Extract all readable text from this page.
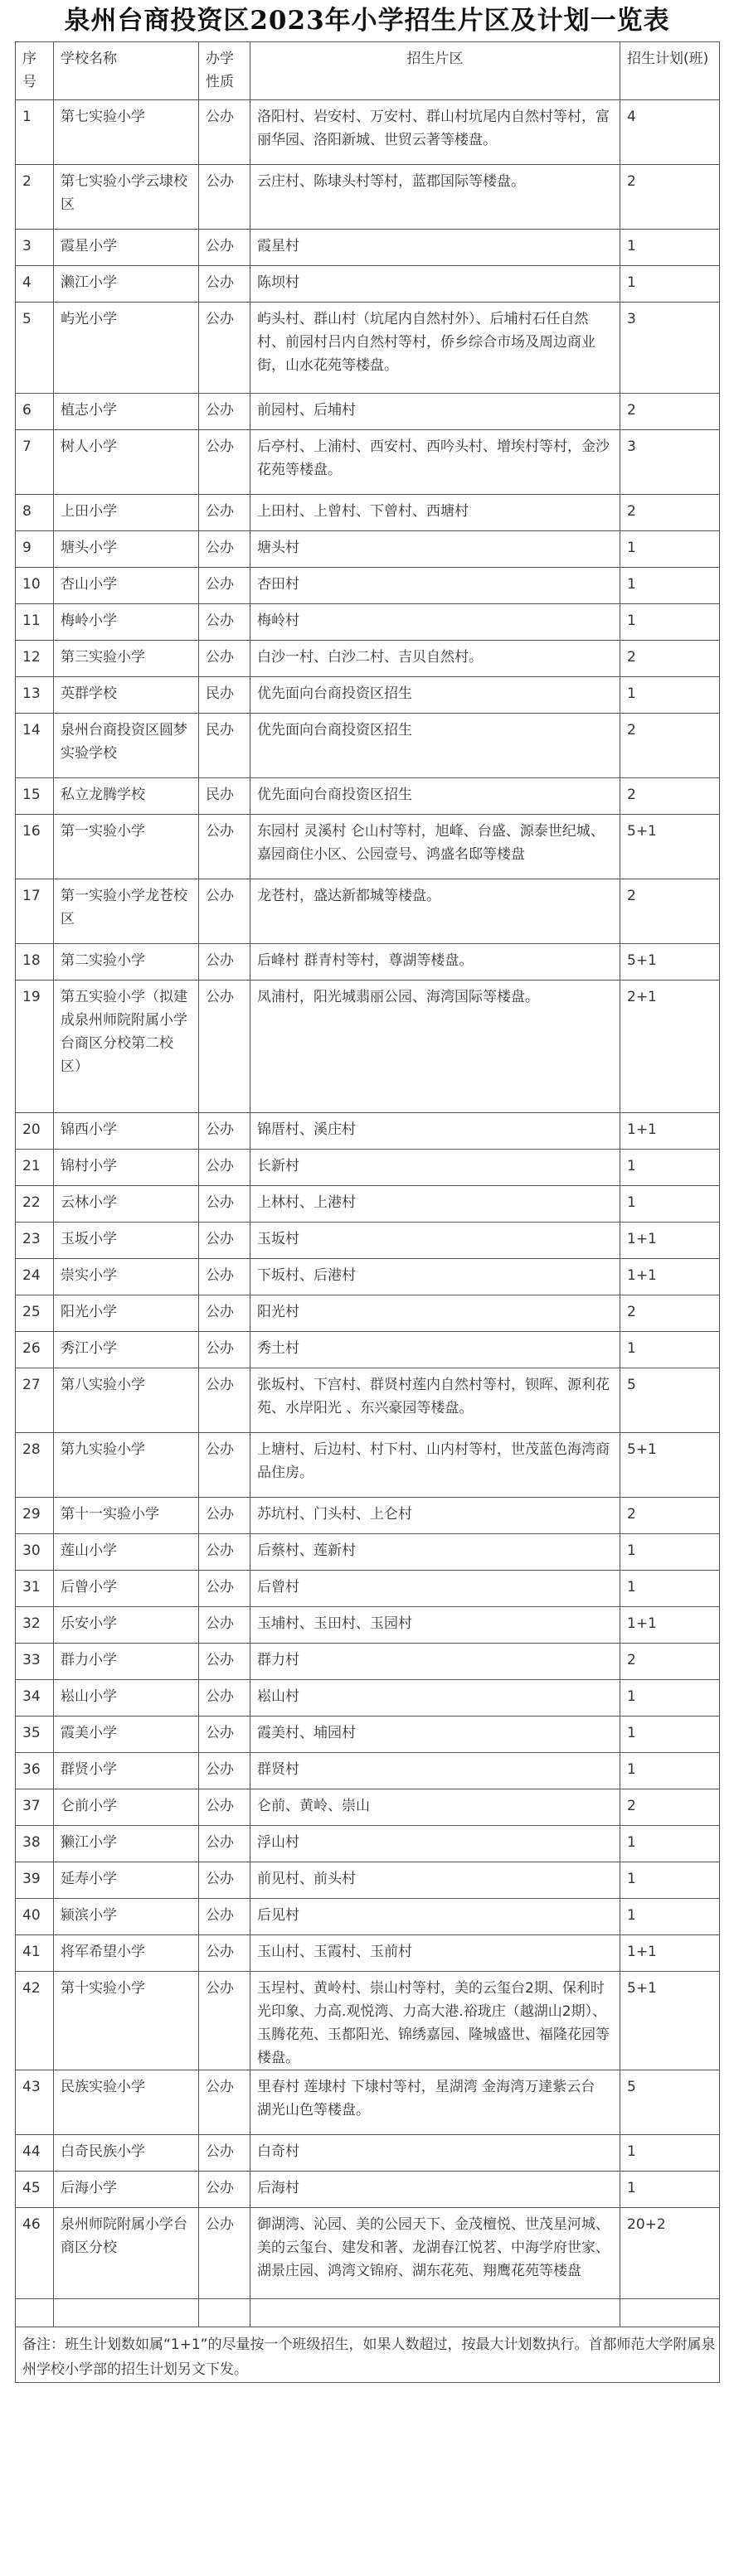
泉州台商投资区2023年小学招生片区及计划一览表
序号	学校名称	办学性质	招生片区	招生计划(班)
1	第七实验小学	公办	洛阳村、岩安村、万安村、群山村坑尾内自然村等村，富丽华园、洛阳新城、世贸云著等楼盘。	4
2	第七实验小学云埭校区	公办	云庄村、陈埭头村等村，蓝郡国际等楼盘。	2
3	霞星小学	公办	霞星村	1
4	濑江小学	公办	陈坝村	1
5	屿光小学	公办	屿头村、群山村（坑尾内自然村外）、后埔村石任自然村、前园村吕内自然村等村，侨乡综合市场及周边商业街，山水花苑等楼盘。	3
6	植志小学	公办	前园村、后埔村	2
7	树人小学	公办	后亭村、上浦村、西安村、西吟头村、增埃村等村，金沙花苑等楼盘。	3
8	上田小学	公办	上田村、上曾村、下曾村、西塘村	2
9	塘头小学	公办	塘头村	1
10	杏山小学	公办	杏田村	1
11	梅岭小学	公办	梅岭村	1
12	第三实验小学	公办	白沙一村、白沙二村、吉贝自然村。	2
13	英群学校	民办	优先面向台商投资区招生	1
14	泉州台商投资区圆梦实验学校	民办	优先面向台商投资区招生	2
15	私立龙腾学校	民办	优先面向台商投资区招生	2
16	第一实验小学	公办	东园村 灵溪村 仑山村等村，旭峰、台盛、源泰世纪城、嘉园商住小区、公园壹号、鸿盛名邸等楼盘	5+1
17	第一实验小学龙苍校区	公办	龙苍村，盛达新都城等楼盘。	2
18	第二实验小学	公办	后峰村 群青村等村，尊湖等楼盘。	5+1
19	第五实验小学（拟建成泉州师院附属小学台商区分校第二校区）	公办	凤浦村，阳光城翡丽公园、海湾国际等楼盘。	2+1
20	锦西小学	公办	锦厝村、溪庄村	1+1
21	锦村小学	公办	长新村	1
22	云林小学	公办	上林村、上港村	1
23	玉坂小学	公办	玉坂村	1+1
24	崇实小学	公办	下坂村、后港村	1+1
25	阳光小学	公办	阳光村	2
26	秀江小学	公办	秀土村	1
27	第八实验小学	公办	张坂村、下宫村、群贤村莲内自然村等村，钡晖、源利花苑、水岸阳光 、东兴豪园等楼盘。	5
28	第九实验小学	公办	上塘村、后边村、村下村、山内村等村，世茂蓝色海湾商品住房。	5+1
29	第十一实验小学	公办	苏坑村、门头村、上仑村	2
30	莲山小学	公办	后蔡村、莲新村	1
31	后曾小学	公办	后曾村	1
32	乐安小学	公办	玉埔村、玉田村、玉园村	1+1
33	群力小学	公办	群力村	2
34	崧山小学	公办	崧山村	1
35	霞美小学	公办	霞美村、埔园村	1
36	群贤小学	公办	群贤村	1
37	仑前小学	公办	仑前、黄岭、崇山	2
38	獭江小学	公办	浮山村	1
39	延寿小学	公办	前见村、前头村	1
40	颍滨小学	公办	后见村	1
41	将军希望小学	公办	玉山村、玉霞村、玉前村	1+1
42	第十实验小学	公办	玉埕村、黄岭村、崇山村等村，美的云玺台2期、保利时光印象、力高.观悦湾、力高大港.裕珑庄（越湖山2期）、玉腾花苑、玉都阳光、锦绣嘉园、隆城盛世、福隆花园等楼盘。	5+1
43	民族实验小学	公办	里春村 莲埭村 下埭村等村，星湖湾 金海湾万達紫云台 湖光山色等楼盘。	5
44	白奇民族小学	公办	白奇村	1
45	后海小学	公办	后海村	1
46	泉州师院附属小学台商区分校	公办	御湖湾、沁园、美的公园天下、金茂檀悦、世茂星河城、美的云玺台、建发和著、龙湖春江悦茗、中海学府世家、湖景庄园、鸿湾文锦府、湖东花苑、翔鹰花苑等楼盘	20+2

备注：班生计划数如属“1+1”的尽量按一个班级招生，如果人数超过，按最大计划数执行。首都师范大学附属泉州学校小学部的招生计划另文下发。				
